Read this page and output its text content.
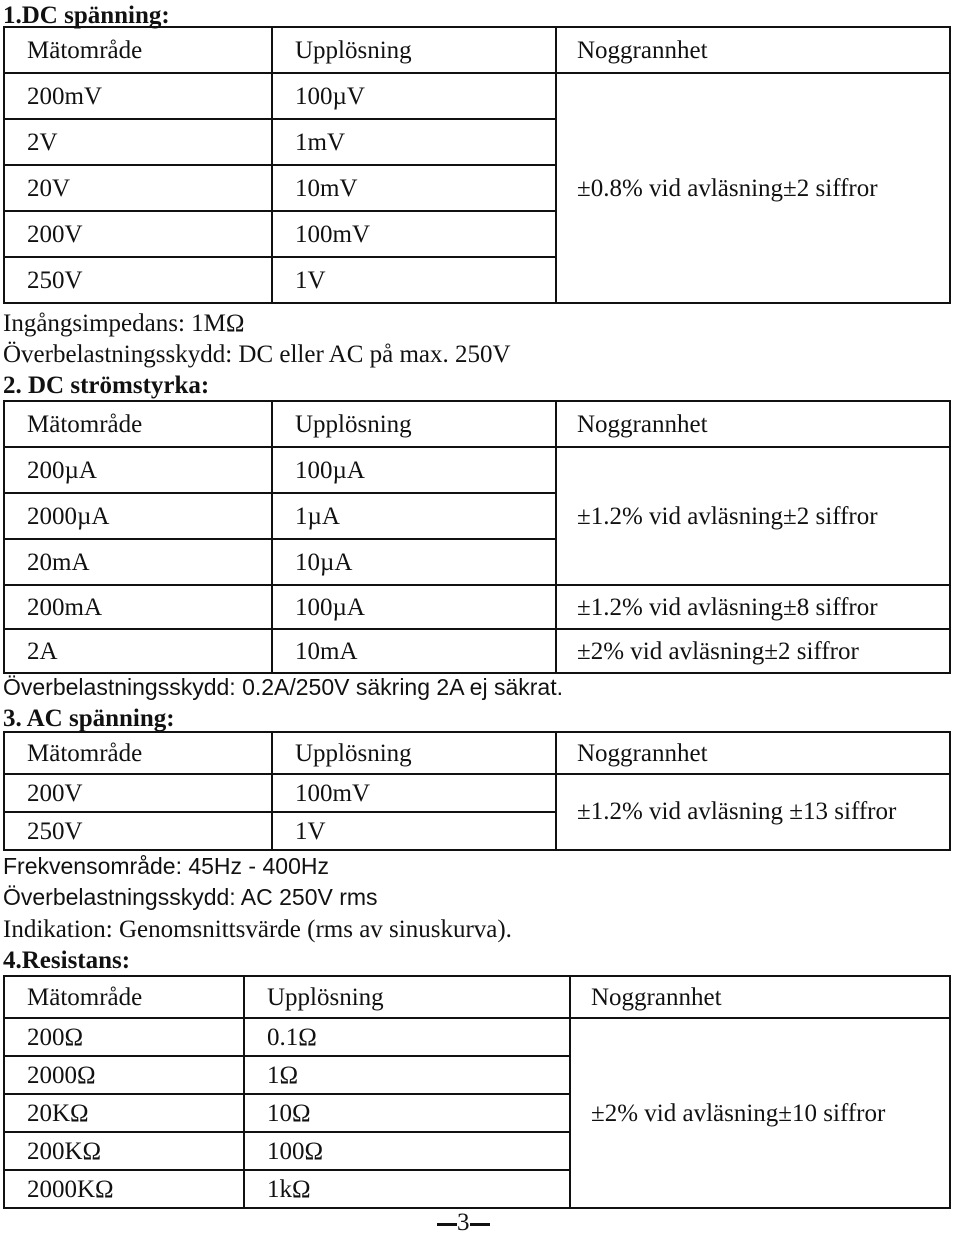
1.DC spänning:
Mätområde	Upplösning	Noggrannhet
200mV	100µV	±0.8% vid avläsning±2 siffror
2V	1mV	
20V	10mV	
200V	100mV	
250V	1V	

Ingångsimpedans: 1MΩ

Överbelastningsskydd: DC eller AC på max. 250V

2. DC strömstyrka:
Mätområde	Upplösning	Noggrannhet
200µA	100µA	±1.2% vid avläsning±2 siffror
2000µA	1µA	
20mA	10µA	
200mA	100µA	±1.2% vid avläsning±8 siffror
2A	10mA	±2% vid avläsning±2 siffror

Överbelastningsskydd: 0.2A/250V säkring 2A ej säkrat.

3. AC spänning:
Mätområde	Upplösning	Noggrannhet
200V	100mV	±1.2% vid avläsning ±13 siffror
250V	1V	

Frekvensområde: 45Hz - 400Hz

Överbelastningsskydd: AC 250V rms

Indikation: Genomsnittsvärde (rms av sinuskurva).

4.Resistans:
Mätområde	Upplösning	Noggrannhet
200Ω	0.1Ω	±2% vid avläsning±10 siffror
2000Ω	1Ω	
20KΩ	10Ω	
200KΩ	100Ω	
2000KΩ	1kΩ	
3
